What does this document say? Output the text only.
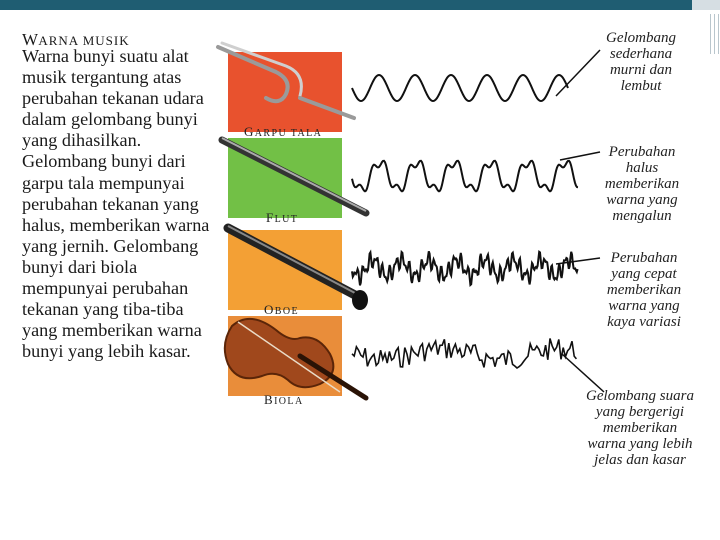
WARNA MUSIK
Warna bunyi suatu alat musik tergantung atas perubahan tekanan udara dalam gelombang bunyi yang dihasilkan. Gelombang bunyi dari garpu tala mempunyai perubahan tekanan yang halus, memberikan warna yang jernih. Gelombang bunyi dari biola mempunyai perubahan tekanan yang tiba-tiba yang memberikan warna bunyi yang lebih kasar.
GARPU TALA
FLUT
OBOE
BIOLA
Gelombang sederhana murni dan lembut
Perubahan halus memberikan warna yang mengalun
Perubahan yang cepat memberikan warna yang kaya variasi
Gelombang suara yang bergerigi memberikan warna yang lebih jelas dan kasar
